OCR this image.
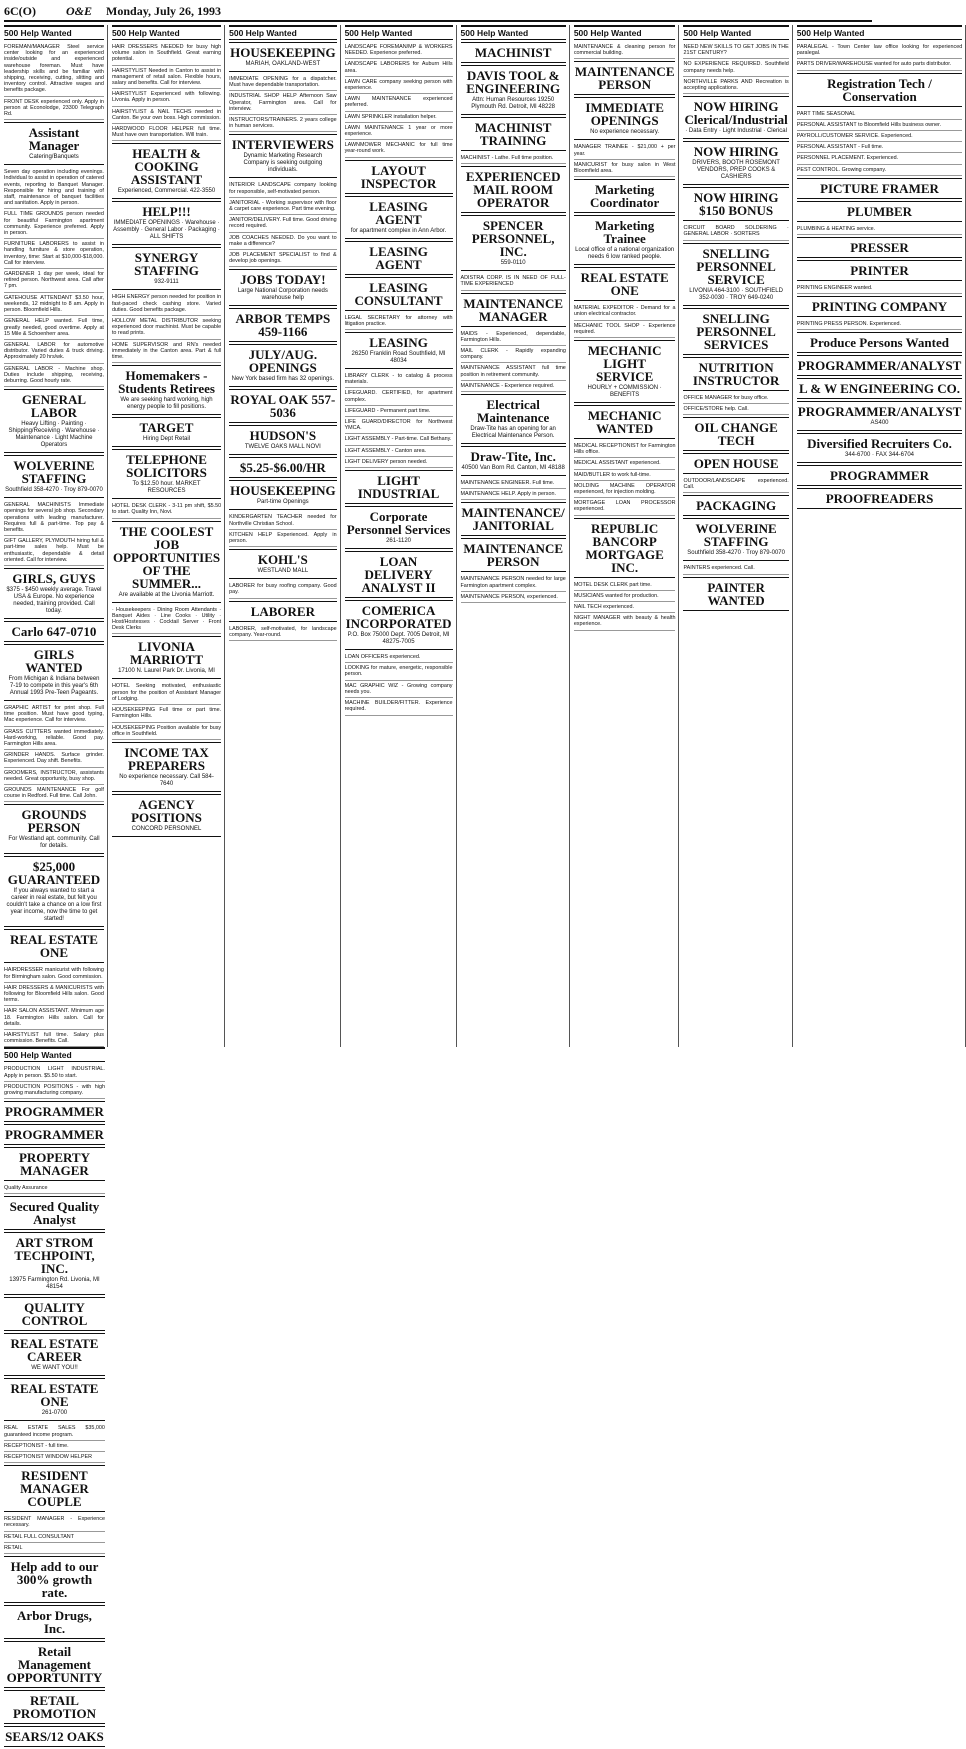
6C(O)	O&E Monday, July 26, 1993
500 Help Wanted

FOREMAN/MANAGER Steel service center looking for an experienced inside/outside and experienced warehouse foreman. Must have leadership skills and be familiar with shipping, receiving, cutting, slitting and inventory control. Attractive wages and benefits package.

FRONT DESK experienced only. Apply in person at Econolodge, 23300 Telegraph Rd.

Assistant Manager
Catering/Banquets

Seven day operation including evenings. Individual to assist in operation of catered events, reporting to Banquet Manager. Responsible for hiring and training of staff, maintenance of banquet facilities and sanitation. Apply in person.

FULL TIME GROUNDS person needed for beautiful Farmington apartment community. Experience preferred. Apply in person.

FURNITURE LABORERS to assist in handling furniture & store operation, inventory, time: Start at $10,000-$18,000. Call for interview.

GARDENER 1 day per week, ideal for retired person. Northwest area. Call after 7 pm.

GATEHOUSE ATTENDANT $3.50 hour, weekends, 12 midnight to 8 am. Apply in person. Bloomfield Hills.

GENERAL HELP wanted. Full time, greatly needed, good overtime. Apply at 15 Mile & Schoenherr area.

GENERAL LABOR for automotive distributor. Varied duties & truck driving. Approximately 20 hrs/wk.

GENERAL LABOR - Machine shop. Duties include shipping, receiving, deburring. Good hourly rate.

GENERAL LABOR
Heavy Lifting · Painting · Shipping/Receiving · Warehouse · Maintenance · Light Machine Operators
WOLVERINE STAFFING
Southfield 358-4270 · Troy 879-0070

GENERAL MACHINISTS Immediate openings for several job shop. Secondary operations with leading manufacturer. Requires full & part-time. Top pay & benefits.

GIFT GALLERY, PLYMOUTH hiring full & part-time sales help. Must be enthusiastic, dependable & detail oriented. Call for interview.

GIRLS, GUYS
$375 - $450 weekly average. Travel USA & Europe. No experience needed, training provided. Call today.
Carlo 647-0710
GIRLS WANTED
From Michigan & Indiana between 7-19 to compete in this year's 6th Annual 1993 Pre-Teen Pageants.

GRAPHIC ARTIST for print shop. Full time position. Must have good typing, Mac experience. Call for interview.

GRASS CUTTERS wanted immediately. Hard-working, reliable. Good pay. Farmington Hills area.

GRINDER HANDS. Surface grinder. Experienced. Day shift. Benefits.

GROOMERS, INSTRUCTOR, assistants needed. Great opportunity, busy shop.

GROUNDS MAINTENANCE For golf course in Redford. Full time. Call John.

GROUNDS PERSON
For Westland apt. community. Call for details.
$25,000 GUARANTEED
If you always wanted to start a career in real estate, but felt you couldn't take a chance on a low first year income, now the time to get started!
REAL ESTATE ONE

HAIRDRESSER manicurist with following for Birmingham salon. Good commission.

HAIR DRESSERS & MANICURISTS with following for Bloomfield Hills salon. Good terms.

HAIR SALON ASSISTANT. Minimum age 18. Farmington Hills salon. Call for details.

HAIRSTYLIST full time. Salary plus commission. Benefits. Call.

500 Help Wanted

HAIR DRESSERS NEEDED for busy high volume salon in Southfield. Great earning potential.

HAIRSTYLIST Needed in Canton to assist in management of retail salon. Flexible hours, salary and benefits. Call for interview.

HAIRSTYLIST Experienced with following. Livonia. Apply in person.

HAIRSTYLIST & NAIL TECHS needed in Canton. Be your own boss. High commission.

HARDWOOD FLOOR HELPER full time. Must have own transportation. Will train.

HEALTH & COOKING ASSISTANT
Experienced, Commercial. 422-3550
HELP!!!
IMMEDIATE OPENINGS · Warehouse · Assembly · General Labor · Packaging · ALL SHIFTS
SYNERGY STAFFING
932-9111

HIGH ENERGY person needed for position in fast-paced check cashing store. Varied duties. Good benefits package.

HOLLOW METAL DISTRIBUTOR seeking experienced door machinist. Must be capable to read prints.

HOME SUPERVISOR and RN's needed immediately in the Canton area. Part & full time.

Homemakers - Students Retirees
We are seeking hard working, high energy people to fill positions.
TARGET
Hiring Dept Retail
TELEPHONE SOLICITORS
To $12.50 hour. MARKET RESOURCES

HOTEL DESK CLERK - 3-11 pm shift, $5.50 to start. Quality Inn, Novi.

THE COOLEST JOB OPPORTUNITIES OF THE SUMMER...
Are available at the Livonia Marriott.

· Housekeepers · Dining Room Attendants · Banquet Aides · Line Cooks · Utility · Host/Hostesses · Cocktail Server · Front Desk Clerks

LIVONIA MARRIOTT
17100 N. Laurel Park Dr. Livonia, MI

HOTEL Seeking motivated, enthusiastic person for the position of Assistant Manager of Lodging.

HOUSEKEEPING Full time or part time. Farmington Hills.

HOUSEKEEPING Position available for busy office in Southfield.

INCOME TAX PREPARERS
No experience necessary. Call 584-7640
AGENCY POSITIONS
CONCORD PERSONNEL
500 Help Wanted
HOUSEKEEPING
MARIAH, OAKLAND-WEST

IMMEDIATE OPENING for a dispatcher. Must have dependable transportation.

INDUSTRIAL SHOP HELP Afternoon Saw Operator, Farmington area. Call for interview.

INSTRUCTORS/TRAINERS. 2 years college in human services.

INTERVIEWERS
Dynamic Marketing Research Company is seeking outgoing individuals.

INTERIOR LANDSCAPE company looking for responsible, self-motivated person.

JANITORIAL - Working supervisor with floor & carpet care experience. Part time evening.

JANITOR/DELIVERY. Full time. Good driving record required.

JOB COACHES NEEDED. Do you want to make a difference?

JOB PLACEMENT SPECIALIST to find & develop job openings.

JOBS TODAY!
Large National Corporation needs warehouse help
ARBOR TEMPS 459-1166
JULY/AUG. OPENINGS
New York based firm has 32 openings.
ROYAL OAK 557-5036
HUDSON'S
TWELVE OAKS MALL NOVI
$5.25-$6.00/HR
HOUSEKEEPING
Part-time Openings

KINDERGARTEN TEACHER needed for Northville Christian School.

KITCHEN HELP Experienced. Apply in person.

KOHL'S
WESTLAND MALL

LABORER for busy roofing company. Good pay.

LABORER

LABORER, self-motivated, for landscape company. Year-round.

500 Help Wanted

LANDSCAPE FOREMAN/MP & WORKERS NEEDED. Experience preferred.

LANDSCAPE LABORERS for Auburn Hills area.

LAWN CARE company seeking person with experience.

LAWN MAINTENANCE experienced preferred.

LAWN SPRINKLER installation helper.

LAWN MAINTENANCE 1 year or more experience.

LAWNMOWER MECHANIC for full time year-round work.

LAYOUT INSPECTOR
LEASING AGENT
for apartment complex in Ann Arbor.
LEASING AGENT
LEASING CONSULTANT

LEGAL SECRETARY for attorney with litigation practice.

LEASING
26250 Franklin Road Southfield, MI 48034

LIBRARY CLERK - to catalog & process materials.

LIFEGUARD. CERTIFIED, for apartment complex.

LIFEGUARD - Permanent part time.

LIFE GUARD/DIRECTOR for Northwest YMCA.

LIGHT ASSEMBLY - Part-time. Call Bethany.

LIGHT ASSEMBLY - Canton area.

LIGHT DELIVERY person needed.

LIGHT INDUSTRIAL
Corporate Personnel Services
261-1120
LOAN DELIVERY ANALYST II
COMERICA INCORPORATED
P.O. Box 75000 Dept. 7005 Detroit, MI 48275-7005

LOAN OFFICERS experienced.

LOOKING for mature, energetic, responsible person.

MAC GRAPHIC WIZ - Growing company needs you.

MACHINE BUILDER/FITTER. Experience required.

500 Help Wanted
MACHINIST
DAVIS TOOL & ENGINEERING
Attn: Human Resources 19250 Plymouth Rd. Detroit, MI 48228
MACHINIST TRAINING

MACHINIST - Lathe. Full time position.

EXPERIENCED MAIL ROOM OPERATOR
SPENCER PERSONNEL, INC.
559-0110

ADISTRA CORP. IS IN NEED OF FULL-TIME EXPERIENCED

MAINTENANCE MANAGER

MAIDS - Experienced, dependable, Farmington Hills.

MAIL CLERK - Rapidly expanding company.

MAINTENANCE ASSISTANT full time position in retirement community.

MAINTENANCE - Experience required.

Electrical Maintenance
Draw-Tite has an opening for an Electrical Maintenance Person.
Draw-Tite, Inc.
40500 Van Born Rd. Canton, MI 48188

MAINTENANCE ENGINEER. Full time.

MAINTENANCE HELP. Apply in person.

MAINTENANCE/ JANITORIAL
MAINTENANCE PERSON

MAINTENANCE PERSON needed for large Farmington apartment complex.

MAINTENANCE PERSON, experienced.

500 Help Wanted

MAINTENANCE & cleaning person for commercial building.

MAINTENANCE PERSON
IMMEDIATE OPENINGS
No experience necessary.

MANAGER TRAINEE - $21,000 + per year.

MANICURIST for busy salon in West Bloomfield area.

Marketing Coordinator
Marketing Trainee
Local office of a national organization needs 6 low ranked people.
REAL ESTATE ONE

MATERIAL EXPEDITOR - Demand for a union electrical contractor.

MECHANIC TOOL SHOP - Experience required.

MECHANIC LIGHT SERVICE
HOURLY + COMMISSION · BENEFITS
MECHANIC WANTED

MEDICAL RECEPTIONIST for Farmington Hills office.

MEDICAL ASSISTANT experienced.

MAID/BUTLER to work full-time.

MOLDING MACHINE OPERATOR experienced, for injection molding.

MORTGAGE LOAN PROCESSOR experienced.

REPUBLIC BANCORP MORTGAGE INC.

MOTEL DESK CLERK part time.

MUSICIANS wanted for production.

NAIL TECH experienced.

NIGHT MANAGER with beauty & health experience.

500 Help Wanted

NEED NEW SKILLS TO GET JOBS IN THE 21ST CENTURY?

NO EXPERIENCE REQUIRED. Southfield company needs help.

NORTHVILLE PARKS AND Recreation is accepting applications.

NOW HIRING Clerical/Industrial
· Data Entry · Light Industrial · Clerical
NOW HIRING
DRIVERS, BOOTH ROSEMONT VENDORS, PREP COOKS & CASHIERS
NOW HIRING $150 BONUS

CIRCUIT BOARD SOLDERING · GENERAL LABOR · SORTERS

SNELLING PERSONNEL SERVICE
LIVONIA 464-3100 · SOUTHFIELD 352-0030 · TROY 649-0240
SNELLING PERSONNEL SERVICES
NUTRITION INSTRUCTOR

OFFICE MANAGER for busy office.

OFFICE/STORE help. Call.

OIL CHANGE TECH
OPEN HOUSE

OUTDOOR/LANDSCAPE experienced. Call.

PACKAGING
WOLVERINE STAFFING
Southfield 358-4270 · Troy 879-0070

PAINTERS experienced. Call.

PAINTER WANTED
500 Help Wanted

PARALEGAL - Town Center law office looking for experienced paralegal.

PARTS DRIVER/WAREHOUSE wanted for auto parts distributor.

Registration Tech / Conservation

PART TIME SEASONAL

PERSONAL ASSISTANT to Bloomfield Hills business owner.

PAYROLL/CUSTOMER SERVICE. Experienced.

PERSONAL ASSISTANT - Full time.

PERSONNEL PLACEMENT. Experienced.

PEST CONTROL. Growing company.

PICTURE FRAMER
PLUMBER

PLUMBING & HEATING service.

PRESSER
PRINTER

PRINTING ENGINEER wanted.

PRINTING COMPANY

PRINTING PRESS PERSON. Experienced.

Produce Persons Wanted
PROGRAMMER/ANALYST
L & W ENGINEERING CO.
PROGRAMMER/ANALYST
AS400
Diversified Recruiters Co.
344-6700 · FAX 344-6704
PROGRAMMER
PROOFREADERS
500 Help Wanted

PRODUCTION LIGHT INDUSTRIAL. Apply in person. $5.50 to start.

PRODUCTION POSITIONS - with high growing manufacturing company.

PROGRAMMER
PROGRAMMER
PROPERTY MANAGER

Quality Assurance

Secured Quality Analyst
ART STROM TECHPOINT, INC.
13975 Farmington Rd. Livonia, MI 48154
QUALITY CONTROL
REAL ESTATE CAREER
WE WANT YOU!!
REAL ESTATE ONE
261-0700

REAL ESTATE SALES $35,000 guaranteed income program.

RECEPTIONIST - full time.

RECEPTIONIST WINDOW HELPER

RESIDENT MANAGER COUPLE

RESIDENT MANAGER - Experience necessary.

RETAIL FULL CONSULTANT

RETAIL

Help add to our 300% growth rate.
Arbor Drugs, Inc.
Retail Management OPPORTUNITY
RETAIL PROMOTION
SEARS/12 OAKS
